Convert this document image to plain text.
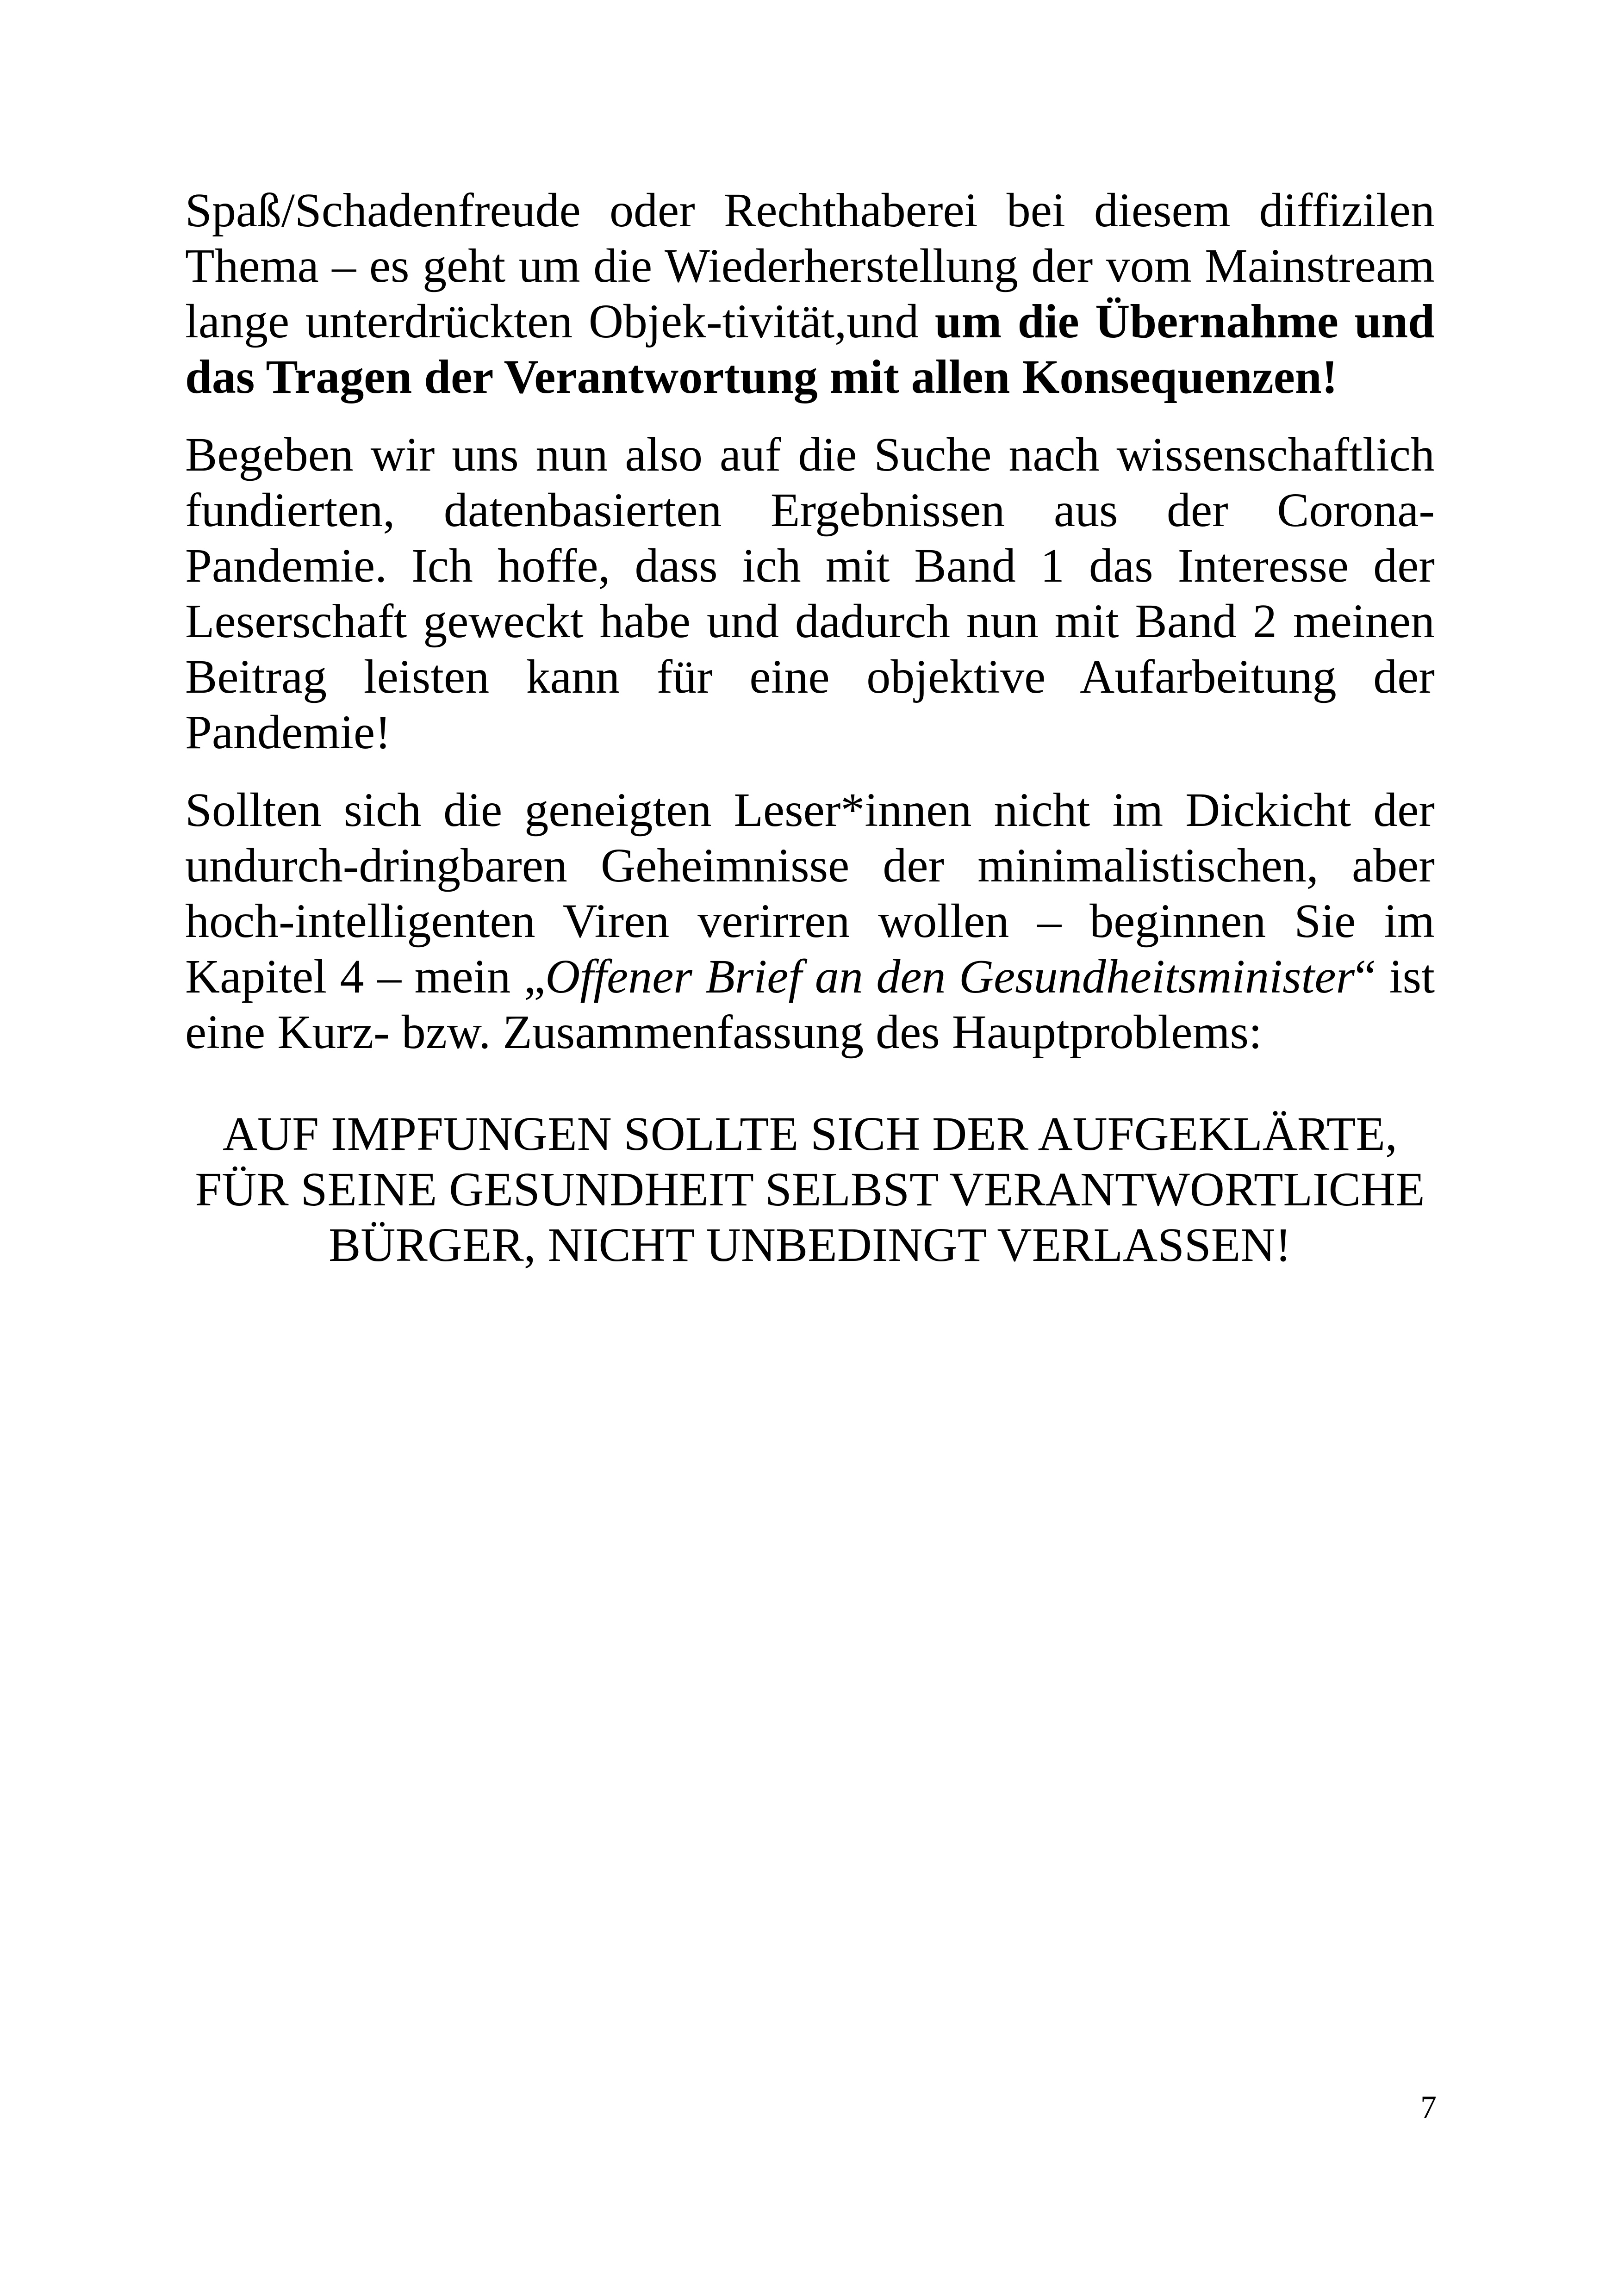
Spaß/Schadenfreude oder Rechthaberei bei diesem diffizilen Thema – es geht um die Wiederherstellung der vom Mainstream lange unterdrückten Objek-tivität,und um die Übernahme und das Tragen der Verantwortung mit allen Konsequenzen!

Begeben wir uns nun also auf die Suche nach wissenschaftlich fundierten, datenbasierten Ergebnissen aus der Corona-Pandemie. Ich hoffe, dass ich mit Band 1 das Interesse der Leserschaft geweckt habe und dadurch nun mit Band 2 meinen Beitrag leisten kann für eine objektive Aufarbeitung der Pandemie!

Sollten sich die geneigten Leser*innen nicht im Dickicht der undurch-dringbaren Geheimnisse der minimalistischen, aber hoch-intelligenten Viren verirren wollen – beginnen Sie im Kapitel 4 – mein „Offener Brief an den Gesundheitsminister“ ist eine Kurz- bzw. Zusammenfassung des Hauptproblems:

AUF IMPFUNGEN SOLLTE SICH DER AUFGEKLÄRTE,
FÜR SEINE GESUNDHEIT SELBST VERANTWORTLICHE
BÜRGER, NICHT UNBEDINGT VERLASSEN!
7
